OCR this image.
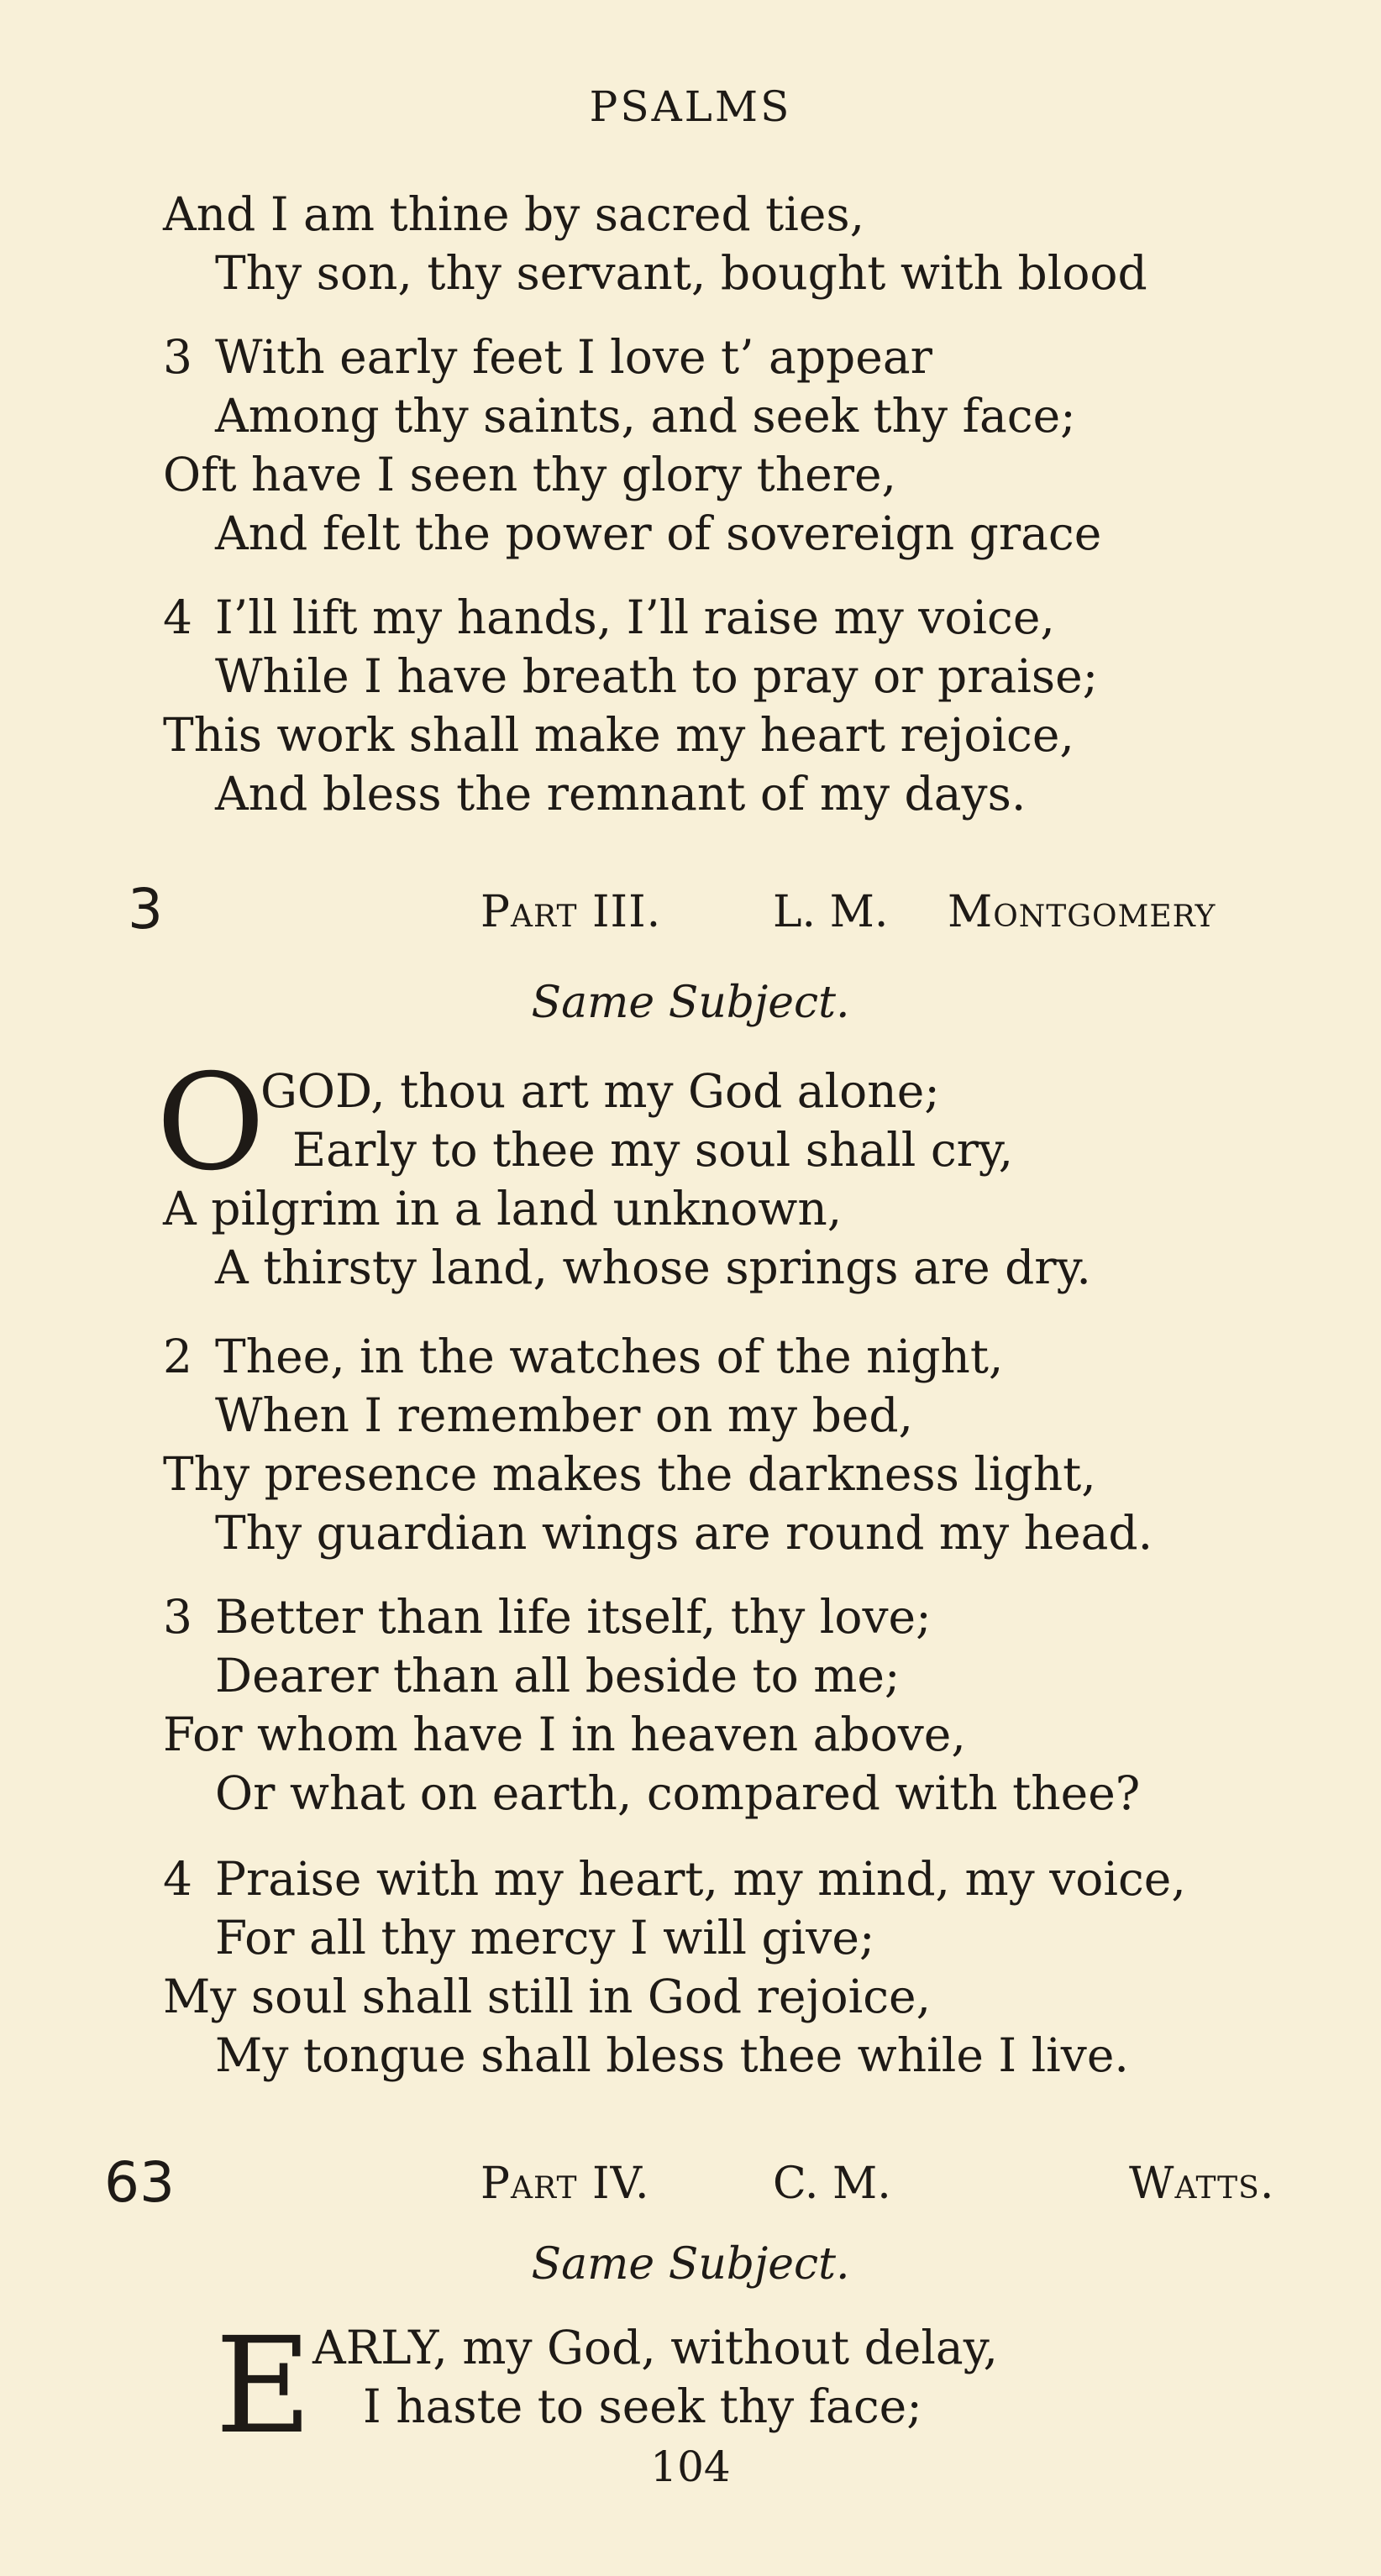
PSALMS
And I am thine by sacred ties,
Thy son, thy servant, bought with blood
3 With early feet I love t’ appear
Among thy saints, and seek thy face;
Oft have I seen thy glory there,
And felt the power of sovereign grace
4 I’ll lift my hands, I’ll raise my voice,
While I have breath to pray or praise;
This work shall make my heart rejoice,
And bless the remnant of my days.
3	Part III.	L. M. Montgomery
Same Subject.
O
GOD, thou art my God alone;
Early to thee my soul shall cry,
A pilgrim in a land unknown,
A thirsty land, whose springs are dry.
2 Thee, in the watches of the night,
When I remember on my bed,
Thy presence makes the darkness light,
Thy guardian wings are round my head.
3 Better than life itself, thy love;
Dearer than all beside to me;
For whom have I in heaven above,
Or what on earth, compared with thee?
4 Praise with my heart, my mind, my voice,
For all thy mercy I will give;
My soul shall still in God rejoice,
My tongue shall bless thee while I live.
63	Part IV.	C. M.	Watts.
Same Subject.
E ARLY, my God, without delay,
I haste to seek thy face;
104
